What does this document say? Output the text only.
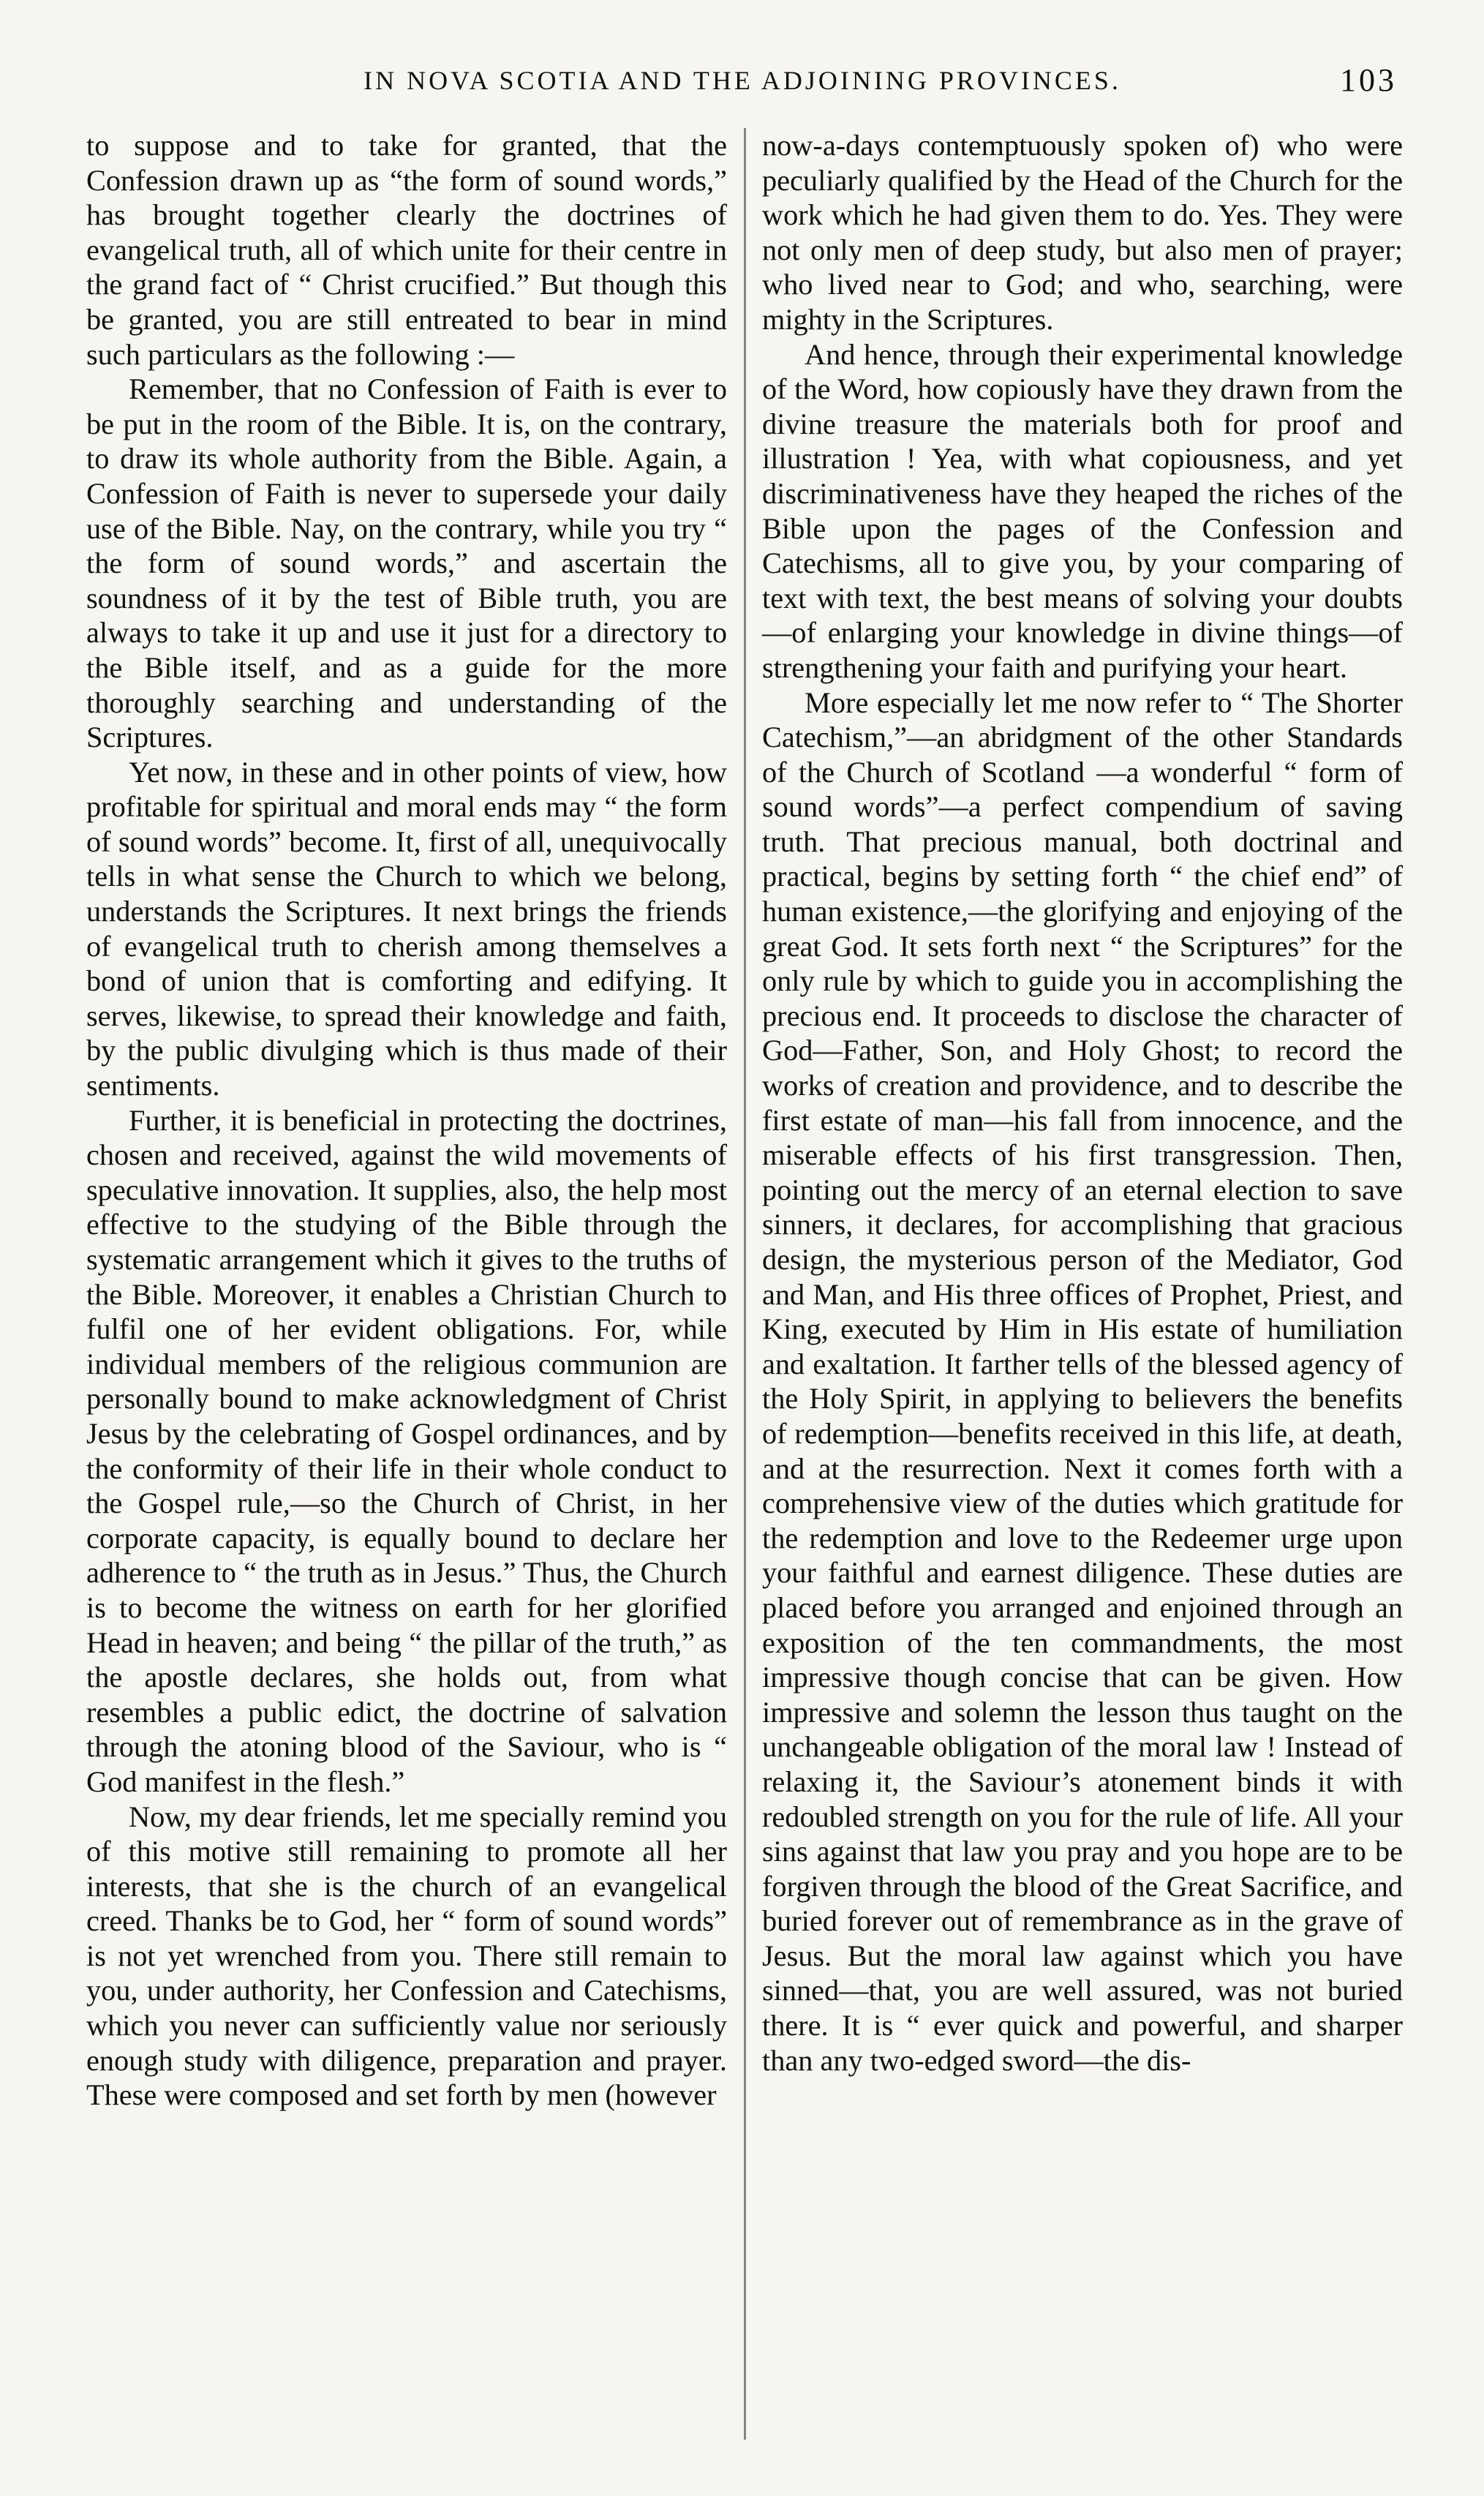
IN NOVA SCOTIA AND THE ADJOINING PROVINCES.	103

to suppose and to take for granted, that the Confession drawn up as “the form of sound words,” has brought together clearly the doctrines of evangelical truth, all of which unite for their centre in the grand fact of “ Christ crucified.” But though this be granted, you are still entreated to bear in mind such particulars as the following :—

Remember, that no Confession of Faith is ever to be put in the room of the Bible. It is, on the contrary, to draw its whole authority from the Bible. Again, a Confession of Faith is never to supersede your daily use of the Bible. Nay, on the contrary, while you try “ the form of sound words,” and ascertain the soundness of it by the test of Bible truth, you are always to take it up and use it just for a directory to the Bible itself, and as a guide for the more thoroughly searching and understanding of the Scriptures.

Yet now, in these and in other points of view, how profitable for spiritual and moral ends may “ the form of sound words” become. It, first of all, unequivocally tells in what sense the Church to which we belong, understands the Scriptures. It next brings the friends of evangelical truth to cherish among themselves a bond of union that is comforting and edifying. It serves, likewise, to spread their knowledge and faith, by the public divulging which is thus made of their sentiments.

Further, it is beneficial in protecting the doctrines, chosen and received, against the wild movements of speculative innovation. It supplies, also, the help most effective to the studying of the Bible through the systematic arrangement which it gives to the truths of the Bible. Moreover, it enables a Christian Church to fulfil one of her evident obligations. For, while individual members of the religious communion are personally bound to make acknowledgment of Christ Jesus by the celebrating of Gospel ordinances, and by the conformity of their life in their whole conduct to the Gospel rule,—so the Church of Christ, in her corporate capacity, is equally bound to declare her adherence to “ the truth as in Jesus.” Thus, the Church is to become the witness on earth for her glorified Head in heaven; and being “ the pillar of the truth,” as the apostle declares, she holds out, from what resembles a public edict, the doctrine of salvation through the atoning blood of the Saviour, who is “ God manifest in the flesh.”

Now, my dear friends, let me specially remind you of this motive still remaining to promote all her interests, that she is the church of an evangelical creed. Thanks be to God, her “ form of sound words” is not yet wrenched from you. There still remain to you, under authority, her Confession and Catechisms, which you never can sufficiently value nor seriously enough study with diligence, preparation and prayer. These were composed and set forth by men (however

now-a-days contemptuously spoken of) who were peculiarly qualified by the Head of the Church for the work which he had given them to do. Yes. They were not only men of deep study, but also men of prayer; who lived near to God; and who, searching, were mighty in the Scriptures.

And hence, through their experimental knowledge of the Word, how copiously have they drawn from the divine treasure the materials both for proof and illustration ! Yea, with what copiousness, and yet discriminativeness have they heaped the riches of the Bible upon the pages of the Confession and Catechisms, all to give you, by your comparing of text with text, the best means of solving your doubts—of enlarging your knowledge in divine things—of strengthening your faith and purifying your heart.

More especially let me now refer to “ The Shorter Catechism,”—an abridgment of the other Standards of the Church of Scotland —a wonderful “ form of sound words”—a perfect compendium of saving truth. That precious manual, both doctrinal and practical, begins by setting forth “ the chief end” of human existence,—the glorifying and enjoying of the great God. It sets forth next “ the Scriptures” for the only rule by which to guide you in accomplishing the precious end. It proceeds to disclose the character of God—Father, Son, and Holy Ghost; to record the works of creation and providence, and to describe the first estate of man—his fall from innocence, and the miserable effects of his first transgression. Then, pointing out the mercy of an eternal election to save sinners, it declares, for accomplishing that gracious design, the mysterious person of the Mediator, God and Man, and His three offices of Prophet, Priest, and King, executed by Him in His estate of humiliation and exaltation. It farther tells of the blessed agency of the Holy Spirit, in applying to believers the benefits of redemption—benefits received in this life, at death, and at the resurrection. Next it comes forth with a comprehensive view of the duties which gratitude for the redemption and love to the Redeemer urge upon your faithful and earnest diligence. These duties are placed before you arranged and enjoined through an exposition of the ten commandments, the most impressive though concise that can be given. How impressive and solemn the lesson thus taught on the unchangeable obligation of the moral law ! Instead of relaxing it, the Saviour’s atonement binds it with redoubled strength on you for the rule of life. All your sins against that law you pray and you hope are to be forgiven through the blood of the Great Sacrifice, and buried forever out of remembrance as in the grave of Jesus. But the moral law against which you have sinned—that, you are well assured, was not buried there. It is “ ever quick and powerful, and sharper than any two-edged sword—the dis-
